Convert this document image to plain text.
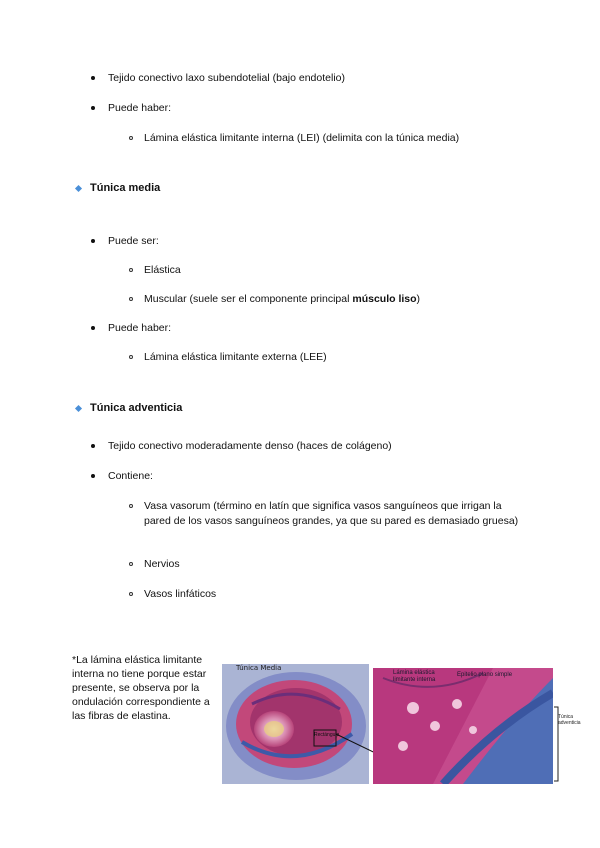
Tejido conectivo laxo subendotelial (bajo endotelio)
Puede haber:
Lámina elástica limitante interna (LEI) (delimita con la túnica media)
Túnica media
Puede ser:
Elástica
Muscular (suele ser el componente principal músculo liso)
Puede haber:
Lámina elástica limitante externa (LEE)
Túnica adventicia
Tejido conectivo moderadamente denso (haces de colágeno)
Contiene:
Vasa vasorum (término en latín que significa vasos sanguíneos que irrigan la pared de los vasos sanguíneos grandes, ya que su pared es demasiado gruesa)
Nervios
Vasos linfáticos
*La lámina elástica limitante interna no tiene porque estar presente, se observa por la ondulación correspondiente a las fibras de elastina.
Túnica Media
Rectángulo
Lámina elástica limitante interna
Epitelio plano simple
Túnica adventicia
